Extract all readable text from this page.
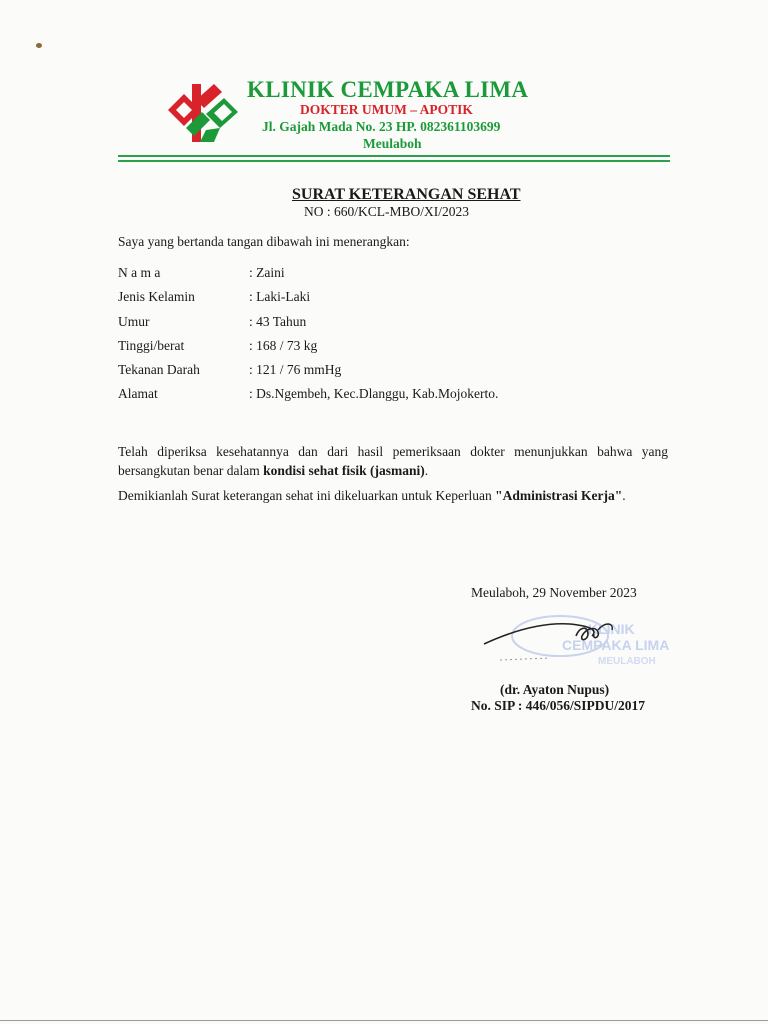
KLINIK CEMPAKA LIMA
DOKTER UMUM – APOTIK
Jl. Gajah Mada No. 23 HP. 082361103699
Meulaboh
SURAT KETERANGAN SEHAT
NO : 660/KCL-MBO/XI/2023
Saya yang bertanda tangan dibawah ini menerangkan:
N a m a	: Zaini
Jenis Kelamin	: Laki-Laki
Umur	: 43 Tahun
Tinggi/berat	: 168 / 73 kg
Tekanan Darah	: 121 / 76 mmHg
Alamat	: Ds.Ngembeh, Kec.Dlanggu, Kab.Mojokerto.
Telah diperiksa kesehatannya dan dari hasil pemeriksaan dokter menunjukkan bahwa yang
bersangkutan benar dalam kondisi sehat fisik (jasmani).
Demikianlah Surat keterangan sehat ini dikeluarkan untuk Keperluan "Administrasi Kerja".
Meulaboh, 29 November 2023
KLINIK
CEMPAKA LIMA
MEULABOH
(dr. Ayaton Nupus)
No. SIP : 446/056/SIPDU/2017
